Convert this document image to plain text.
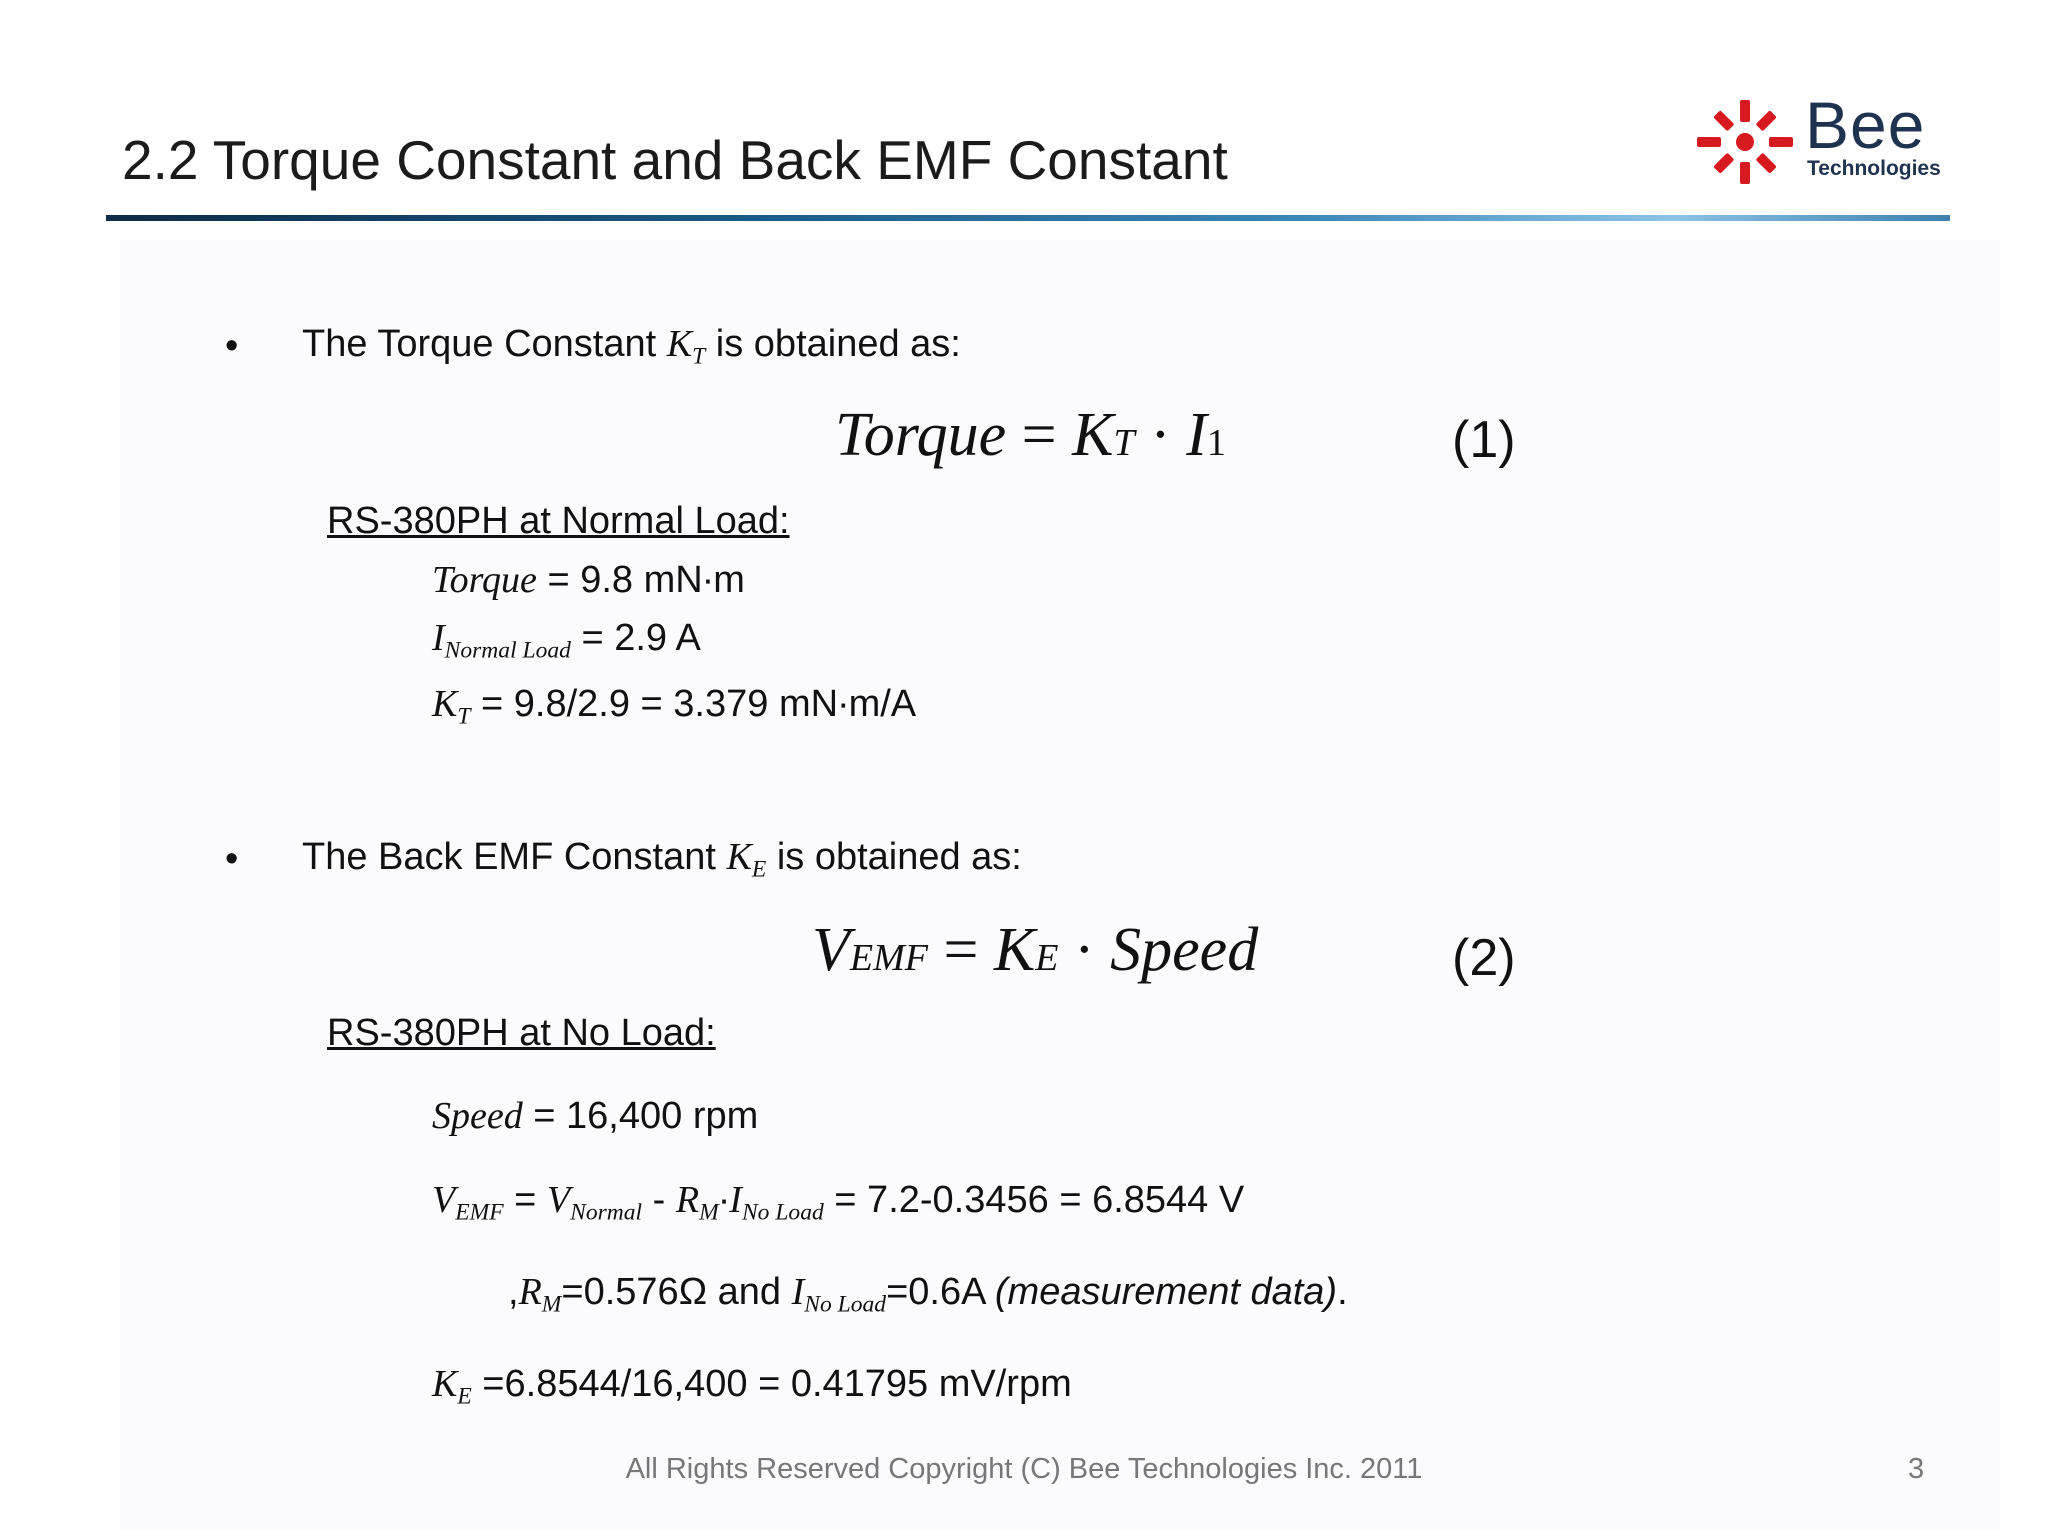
2.2 Torque Constant and Back EMF Constant	Bee
Technologies
• The Torque Constant $K_T$ is obtained as:
Torque = KT · I1	(1)
RS-380PH at Normal Load:
Torque = 9.8 mN∙m
$I_{Normal Load} = 2.9$ A
$K_T = 9.8/2.9 = 3.379$ mN∙m/A
• The Back EMF Constant $K_E$ is obtained as:
VEMF = KE · Speed	(2)
RS-380PH at No Load:
Speed = 16,400 rpm
$V_{EMF} = V_{Normal} - R_M\cdot I_{No Load} = 7.2-0.3456 = 6.8544$ V
$,R_M=0.576\Omega$ and $I_{No Load}=0.6A$ (measurement data).
$K_E =6.8544/16,400 = 0.41795$ mV/rpm
All Rights Reserved Copyright (C) Bee Technologies Inc. 2011	3
